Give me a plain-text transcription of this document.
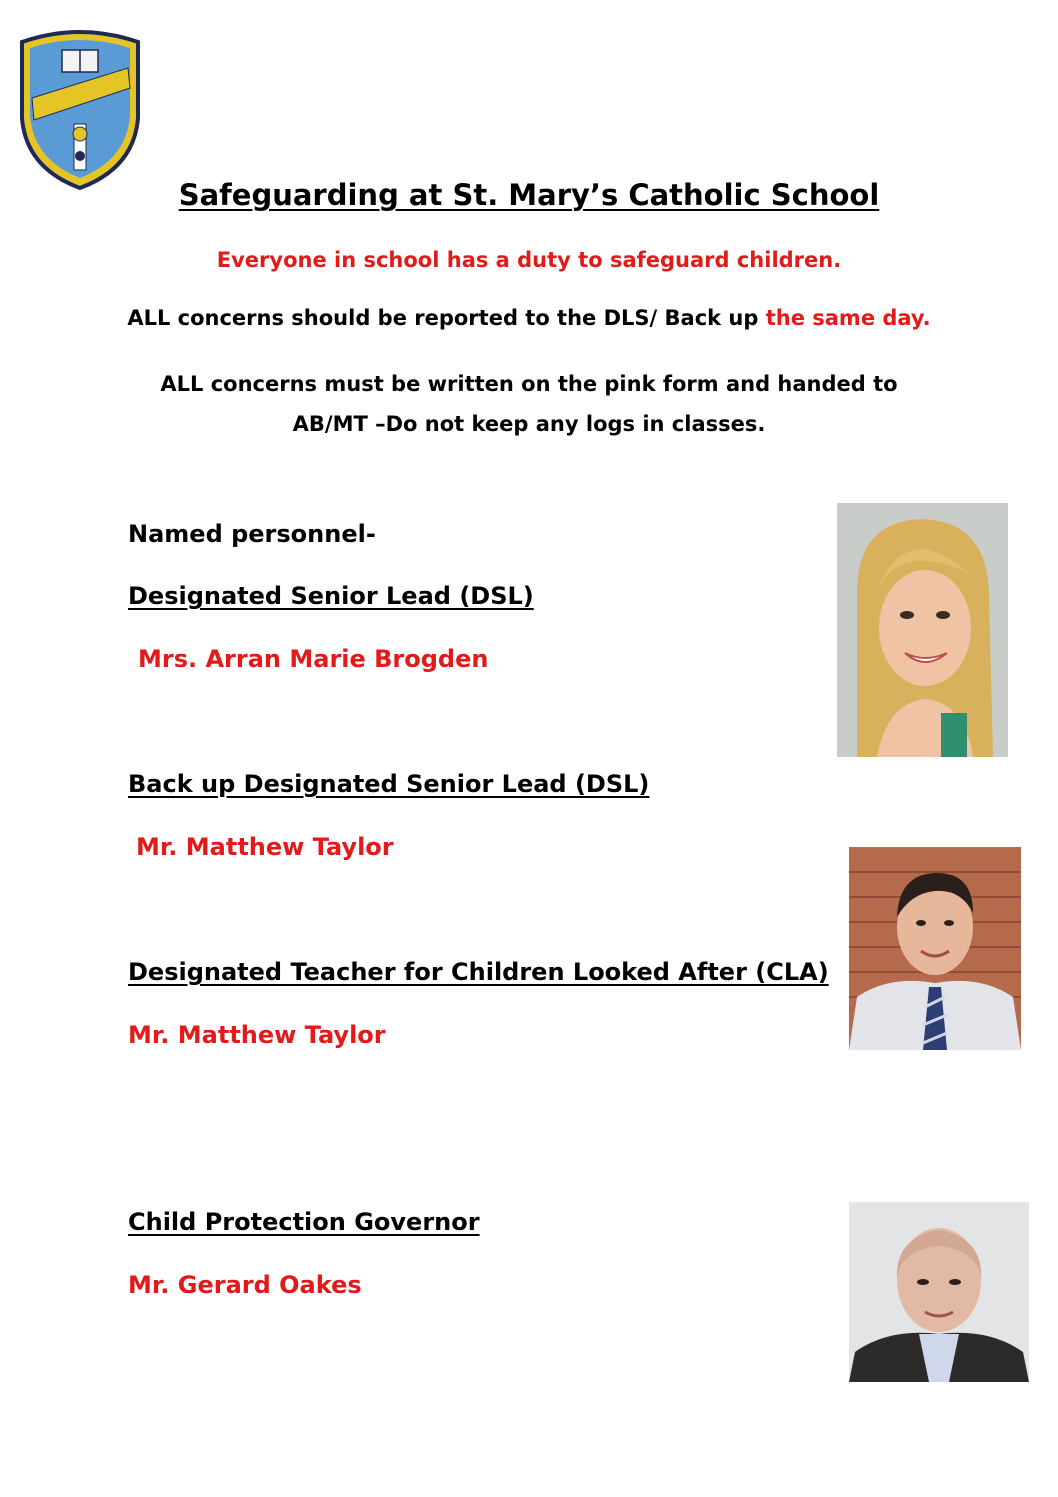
Safeguarding at St. Mary’s Catholic School
Everyone in school has a duty to safeguard children.
ALL concerns should be reported to the DLS/ Back up the same day.
ALL concerns must be written on the pink form and handed to
AB/MT –Do not keep any logs in classes.
Named personnel-
Designated Senior Lead (DSL)
Mrs. Arran Marie Brogden
Back up Designated Senior Lead (DSL)
Mr. Matthew Taylor
Designated Teacher for Children Looked After (CLA)
Mr. Matthew Taylor
Child Protection Governor
Mr. Gerard Oakes
